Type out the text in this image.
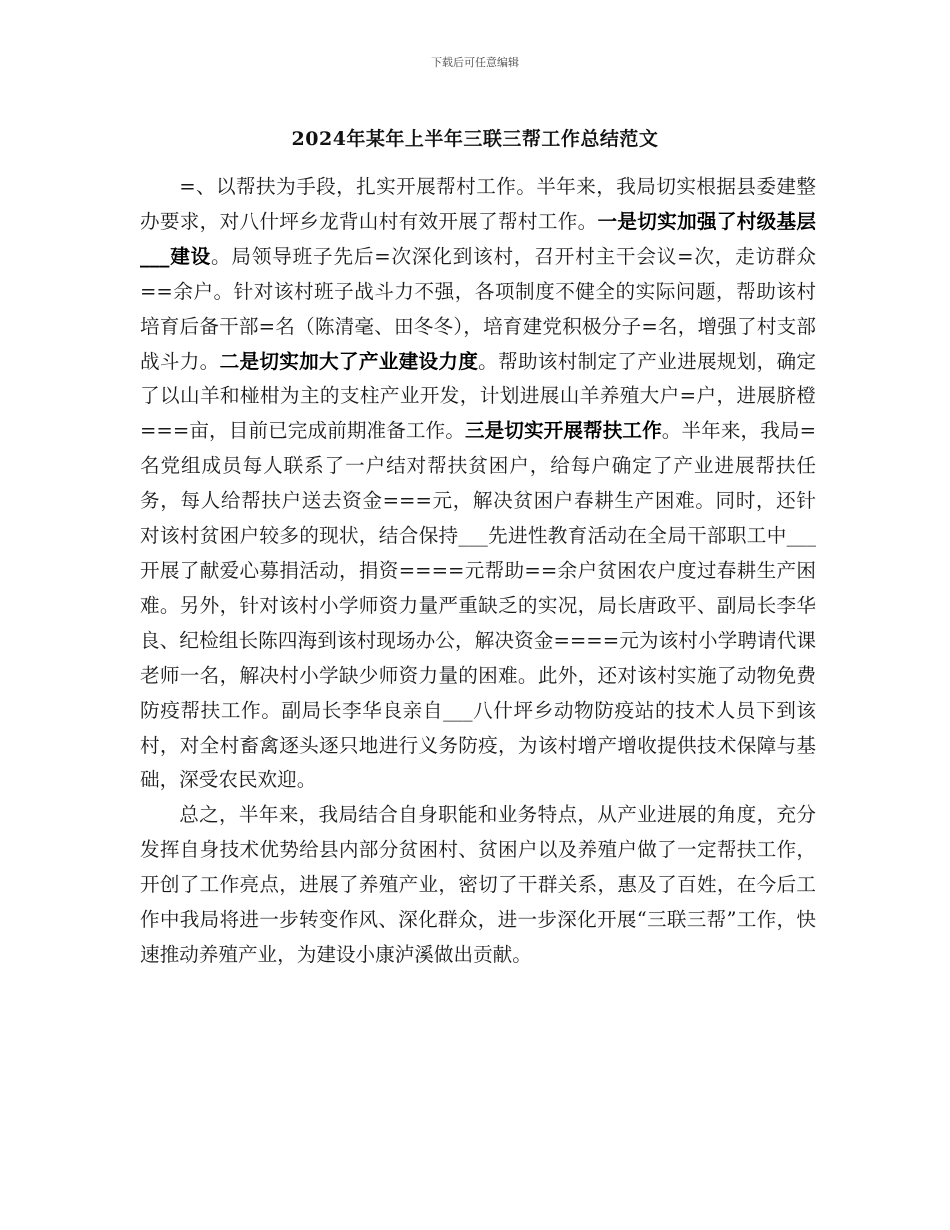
下载后可任意编辑
2024年某年上半年三联三帮工作总结范文

=、以帮扶为手段，扎实开展帮村工作。半年来，我局切实根据县委建整办要求，对八什坪乡龙背山村有效开展了帮村工作。一是切实加强了村级基层___建设。局领导班子先后=次深化到该村，召开村主干会议=次，走访群众==余户。针对该村班子战斗力不强，各项制度不健全的实际问题，帮助该村培育后备干部=名（陈清毫、田冬冬），培育建党积极分子=名，增强了村支部战斗力。二是切实加大了产业建设力度。帮助该村制定了产业进展规划，确定了以山羊和椪柑为主的支柱产业开发，计划进展山羊养殖大户=户，进展脐橙===亩，目前已完成前期准备工作。三是切实开展帮扶工作。半年来，我局=名党组成员每人联系了一户结对帮扶贫困户，给每户确定了产业进展帮扶任务，每人给帮扶户送去资金===元，解决贫困户春耕生产困难。同时，还针对该村贫困户较多的现状，结合保持___先进性教育活动在全局干部职工中___开展了献爱心募捐活动，捐资====元帮助==余户贫困农户度过春耕生产困难。另外，针对该村小学师资力量严重缺乏的实况，局长唐政平、副局长李华良、纪检组长陈四海到该村现场办公，解决资金====元为该村小学聘请代课老师一名，解决村小学缺少师资力量的困难。此外，还对该村实施了动物免费防疫帮扶工作。副局长李华良亲自___八什坪乡动物防疫站的技术人员下到该村，对全村畜禽逐头逐只地进行义务防疫，为该村增产增收提供技术保障与基础，深受农民欢迎。

总之，半年来，我局结合自身职能和业务特点，从产业进展的角度，充分发挥自身技术优势给县内部分贫困村、贫困户以及养殖户做了一定帮扶工作，开创了工作亮点，进展了养殖产业，密切了干群关系，惠及了百姓，在今后工作中我局将进一步转变作风、深化群众，进一步深化开展“三联三帮”工作，快速推动养殖产业，为建设小康泸溪做出贡献。
